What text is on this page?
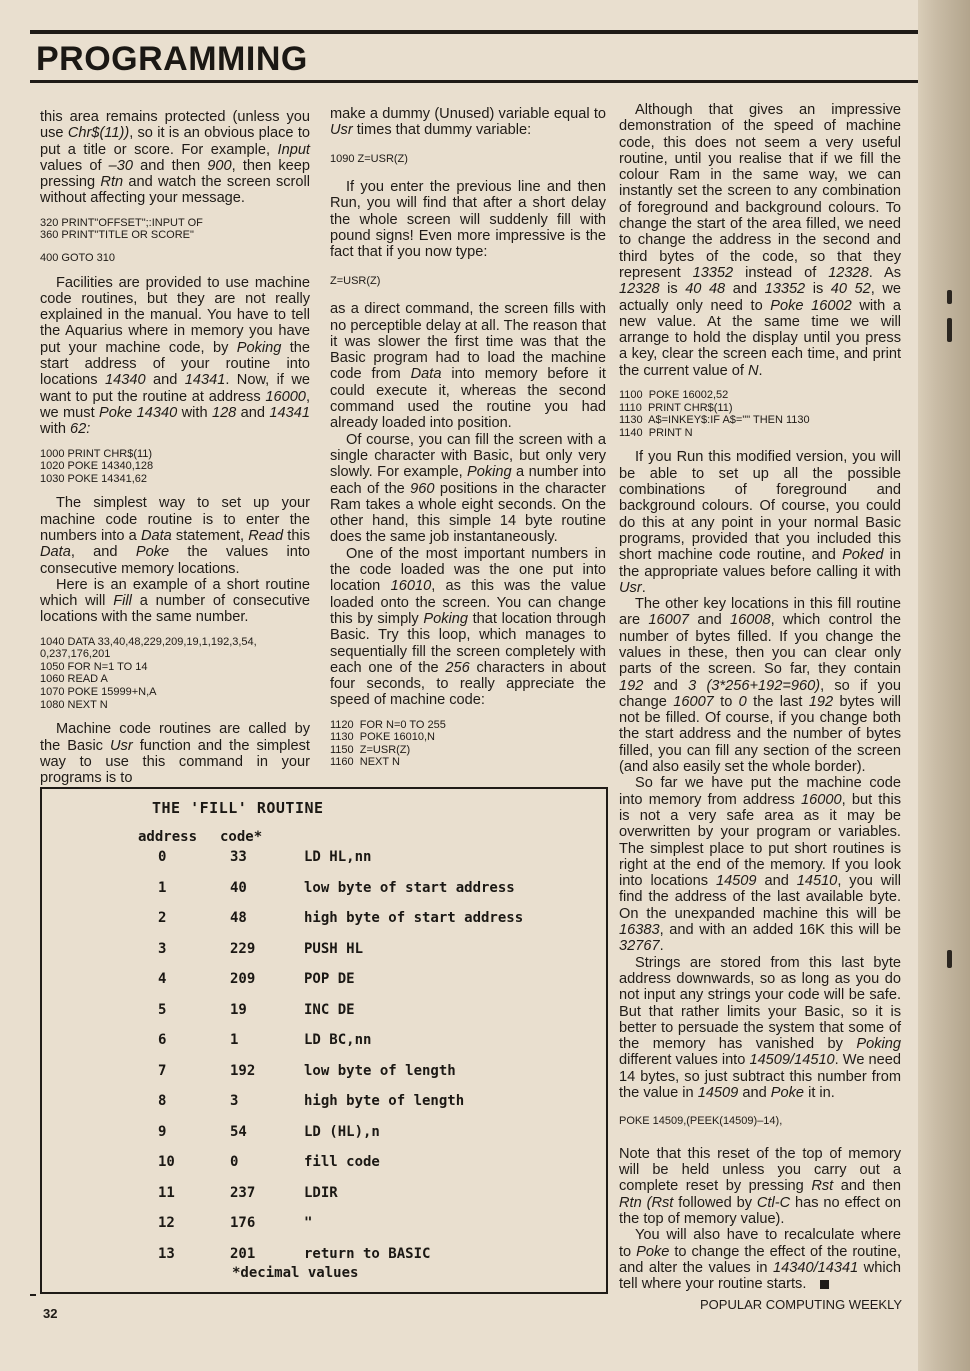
PROGRAMMING

this area remains protected (unless you use Chr$(11)), so it is an obvious place to put a title or score. For example, Input values of –30 and then 900, then keep pressing Rtn and watch the screen scroll without affecting your message.

320 PRINT"OFFSET";:INPUT OF
360 PRINT"TITLE OR SCORE"
400 GOTO 310

Facilities are provided to use machine code routines, but they are not really explained in the manual. You have to tell the Aquarius where in memory you have put your machine code, by Poking the start address of your routine into locations 14340 and 14341. Now, if we want to put the routine at address 16000, we must Poke 14340 with 128 and 14341 with 62:

1000 PRINT CHR$(11)
1020 POKE 14340,128
1030 POKE 14341,62

The simplest way to set up your machine code routine is to enter the numbers into a Data statement, Read this Data, and Poke the values into consecutive memory locations.

Here is an example of a short routine which will Fill a number of consecutive locations with the same number.

1040 DATA 33,40,48,229,209,19,1,192,3,54,
0,237,176,201
1050 FOR N=1 TO 14
1060 READ A
1070 POKE 15999+N,A
1080 NEXT N

Machine code routines are called by the Basic Usr function and the simplest way to use this command in your programs is to

make a dummy (Unused) variable equal to Usr times that dummy variable:

1090 Z=USR(Z)

If you enter the previous line and then Run, you will find that after a short delay the whole screen will suddenly fill with pound signs! Even more impressive is the fact that if you now type:

Z=USR(Z)

as a direct command, the screen fills with no perceptible delay at all. The reason that it was slower the first time was that the Basic program had to load the machine code from Data into memory before it could execute it, whereas the second command used the routine you had already loaded into position.

Of course, you can fill the screen with a single character with Basic, but only very slowly. For example, Poking a number into each of the 960 positions in the character Ram takes a whole eight seconds. On the other hand, this simple 14 byte routine does the same job instantaneously.

One of the most important numbers in the code loaded was the one put into location 16010, as this was the value loaded onto the screen. You can change this by simply Poking that location through Basic. Try this loop, which manages to sequentially fill the screen completely with each one of the 256 characters in about four seconds, to really appreciate the speed of machine code:

1120  FOR N=0 TO 255
1130  POKE 16010,N
1150  Z=USR(Z)
1160  NEXT N

Although that gives an impressive demonstration of the speed of machine code, this does not seem a very useful routine, until you realise that if we fill the colour Ram in the same way, we can instantly set the screen to any combination of foreground and background colours. To change the start of the area filled, we need to change the address in the second and third bytes of the code, so that they represent 13352 instead of 12328. As 12328 is 40 48 and 13352 is 40 52, we actually only need to Poke 16002 with a new value. At the same time we will arrange to hold the display until you press a key, clear the screen each time, and print the current value of N.

1100  POKE 16002,52
1110  PRINT CHR$(11)
1130  A$=INKEY$:IF A$="" THEN 1130
1140  PRINT N

If you Run this modified version, you will be able to set up all the possible combinations of foreground and background colours. Of course, you could do this at any point in your normal Basic programs, provided that you included this short machine code routine, and Poked in the appropriate values before calling it with Usr.

The other key locations in this fill routine are 16007 and 16008, which control the number of bytes filled. If you change the values in these, then you can clear only parts of the screen. So far, they contain 192 and 3 (3*256+192=960), so if you change 16007 to 0 the last 192 bytes will not be filled. Of course, if you change both the start address and the number of bytes filled, you can fill any section of the screen (and also easily set the whole border).

So far we have put the machine code into memory from address 16000, but this is not a very safe area as it may be overwritten by your program or variables. The simplest place to put short routines is right at the end of the memory. If you look into locations 14509 and 14510, you will find the address of the last available byte. On the unexpanded machine this will be 16383, and with an added 16K this will be 32767.

Strings are stored from this last byte address downwards, so as long as you do not input any strings your code will be safe. But that rather limits your Basic, so it is better to persuade the system that some of the memory has vanished by Poking different values into 14509/14510. We need 14 bytes, so just subtract this number from the value in 14509 and Poke it in.

POKE 14509,(PEEK(14509)–14),

Note that this reset of the top of memory will be held unless you carry out a complete reset by pressing Rst and then Rtn (Rst followed by Ctl-C has no effect on the top of memory value).

You will also have to recalculate where to Poke to change the effect of the routine, and alter the values in 14340/14341 which tell where your routine starts.

THE 'FILL' ROUTINE
address code*
0	33	LD HL,nn
1	40	low byte of start address
2	48	high byte of start address
3	229	PUSH HL
4	209	POP DE
5	19	INC DE
6	1	LD BC,nn
7	192	low byte of length
8	3	high byte of length
9	54	LD (HL),n
10	0	fill code
11	237	LDIR
12	176	"
13	201	return to BASIC
*decimal values
32
POPULAR COMPUTING WEEKLY
